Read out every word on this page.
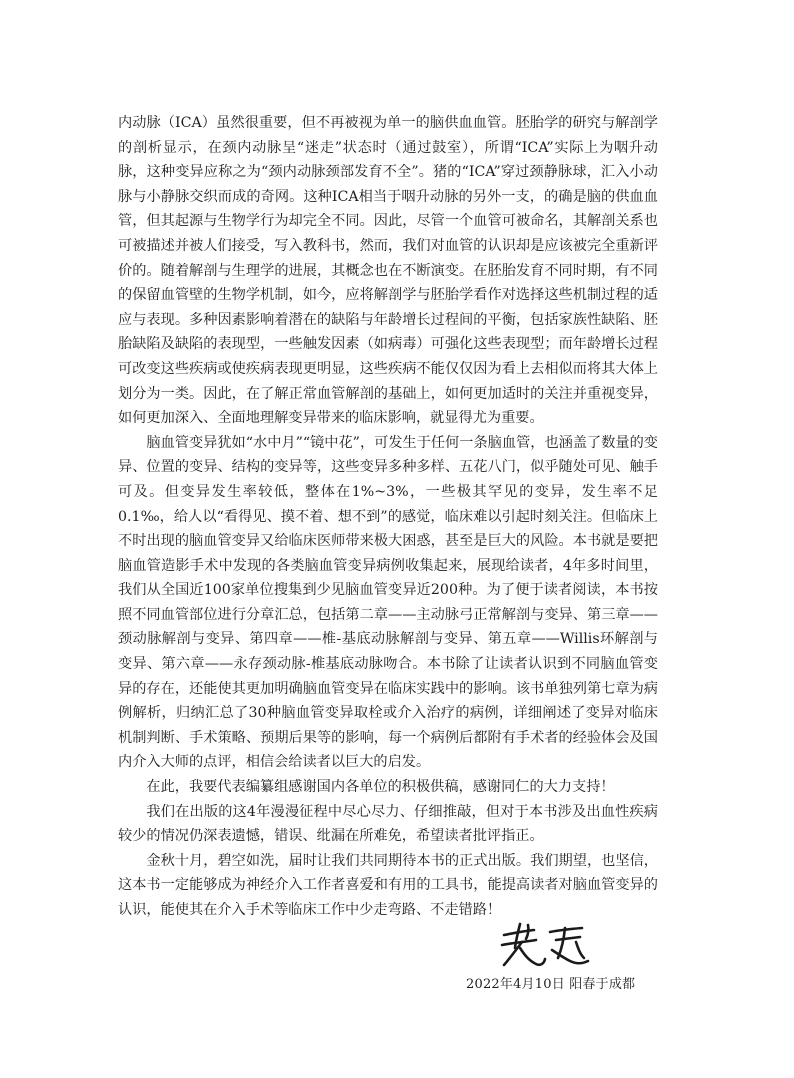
内动脉（ICA）虽然很重要，但不再被视为单一的脑供血血管。胚胎学的研究与解剖学的剖析显示，在颈内动脉呈“迷走”状态时（通过鼓室），所谓“ICA”实际上为咽升动脉，这种变异应称之为“颈内动脉颈部发育不全”。猪的“ICA”穿过颈静脉球，汇入小动脉与小静脉交织而成的奇网。这种ICA相当于咽升动脉的另外一支，的确是脑的供血血管，但其起源与生物学行为却完全不同。因此，尽管一个血管可被命名，其解剖关系也可被描述并被人们接受，写入教科书，然而，我们对血管的认识却是应该被完全重新评价的。随着解剖与生理学的进展，其概念也在不断演变。在胚胎发育不同时期，有不同的保留血管壁的生物学机制，如今，应将解剖学与胚胎学看作对选择这些机制过程的适应与表现。多种因素影响着潜在的缺陷与年龄增长过程间的平衡，包括家族性缺陷、胚胎缺陷及缺陷的表现型，一些触发因素（如病毒）可强化这些表现型；而年龄增长过程可改变这些疾病或使疾病表现更明显，这些疾病不能仅仅因为看上去相似而将其大体上划分为一类。因此，在了解正常血管解剖的基础上，如何更加适时的关注并重视变异，如何更加深入、全面地理解变异带来的临床影响，就显得尤为重要。

脑血管变异犹如“水中月”“镜中花”，可发生于任何一条脑血管，也涵盖了数量的变异、位置的变异、结构的变异等，这些变异多种多样、五花八门，似乎随处可见、触手可及。但变异发生率较低，整体在1%~3%，一些极其罕见的变异，发生率不足0.1‰，给人以“看得见、摸不着、想不到”的感觉，临床难以引起时刻关注。但临床上不时出现的脑血管变异又给临床医师带来极大困惑，甚至是巨大的风险。本书就是要把脑血管造影手术中发现的各类脑血管变异病例收集起来，展现给读者，4年多时间里，我们从全国近100家单位搜集到少见脑血管变异近200种。为了便于读者阅读，本书按照不同血管部位进行分章汇总，包括第二章——主动脉弓正常解剖与变异、第三章——颈动脉解剖与变异、第四章——椎-基底动脉解剖与变异、第五章——Willis环解剖与变异、第六章——永存颈动脉-椎基底动脉吻合。本书除了让读者认识到不同脑血管变异的存在，还能使其更加明确脑血管变异在临床实践中的影响。该书单独列第七章为病例解析，归纳汇总了30种脑血管变异取栓或介入治疗的病例，详细阐述了变异对临床机制判断、手术策略、预期后果等的影响，每一个病例后都附有手术者的经验体会及国内介入大师的点评，相信会给读者以巨大的启发。

在此，我要代表编纂组感谢国内各单位的积极供稿，感谢同仁的大力支持！

我们在出版的这4年漫漫征程中尽心尽力、仔细推敲，但对于本书涉及出血性疾病较少的情况仍深表遗憾，错误、纰漏在所难免，希望读者批评指正。

金秋十月，碧空如洗，届时让我们共同期待本书的正式出版。我们期望，也坚信，这本书一定能够成为神经介入工作者喜爱和有用的工具书，能提高读者对脑血管变异的认识，能使其在介入手术等临床工作中少走弯路、不走错路！

2022年4月10日 阳春于成都
